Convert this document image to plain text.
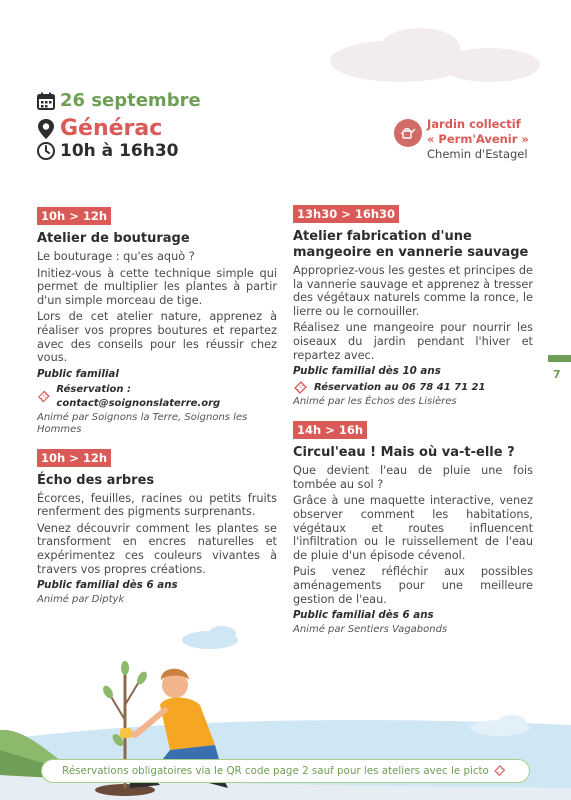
26 septembre
Générac
10h à 16h30
Jardin collectif
« Perm'Avenir »
Chemin d'Estagel
10h > 12h
Atelier de bouturage

Le bouturage : qu'es aquò ?

Initiez-vous à cette technique simple qui permet de multiplier les plantes à partir d'un simple morceau de tige.

Lors de cet atelier nature, apprenez à réaliser vos propres boutures et repartez avec des conseils pour les réussir chez vous.

Public familial
Réservation : contact@soignonslaterre.org
Animé par Soignons la Terre, Soignons les Hommes
10h > 12h
Écho des arbres

Écorces, feuilles, racines ou petits fruits renferment des pigments surprenants.

Venez découvrir comment les plantes se transforment en encres naturelles et expérimentez ces couleurs vivantes à travers vos propres créations.

Public familial dès 6 ans
Animé par Diptyk
13h30 > 16h30
Atelier fabrication d'une mangeoire en vannerie sauvage

Appropriez-vous les gestes et principes de la vannerie sauvage et apprenez à tresser des végétaux naturels comme la ronce, le lierre ou le cornouiller.

Réalisez une mangeoire pour nourrir les oiseaux du jardin pendant l'hiver et repartez avec.

Public familial dès 10 ans
Réservation au 06 78 41 71 21
Animé par les Échos des Lisières
14h > 16h
Circul'eau ! Mais où va-t-elle ?

Que devient l'eau de pluie une fois tombée au sol ?

Grâce à une maquette interactive, venez observer comment les habitations, végétaux et routes influencent l'infiltration ou le ruissellement de l'eau de pluie d'un épisode cévenol.

Puis venez réfléchir aux possibles aménagements pour une meilleure gestion de l'eau.

Public familial dès 6 ans
Animé par Sentiers Vagabonds
7
Réservations obligatoires via le QR code page 2 sauf pour les ateliers avec le picto
